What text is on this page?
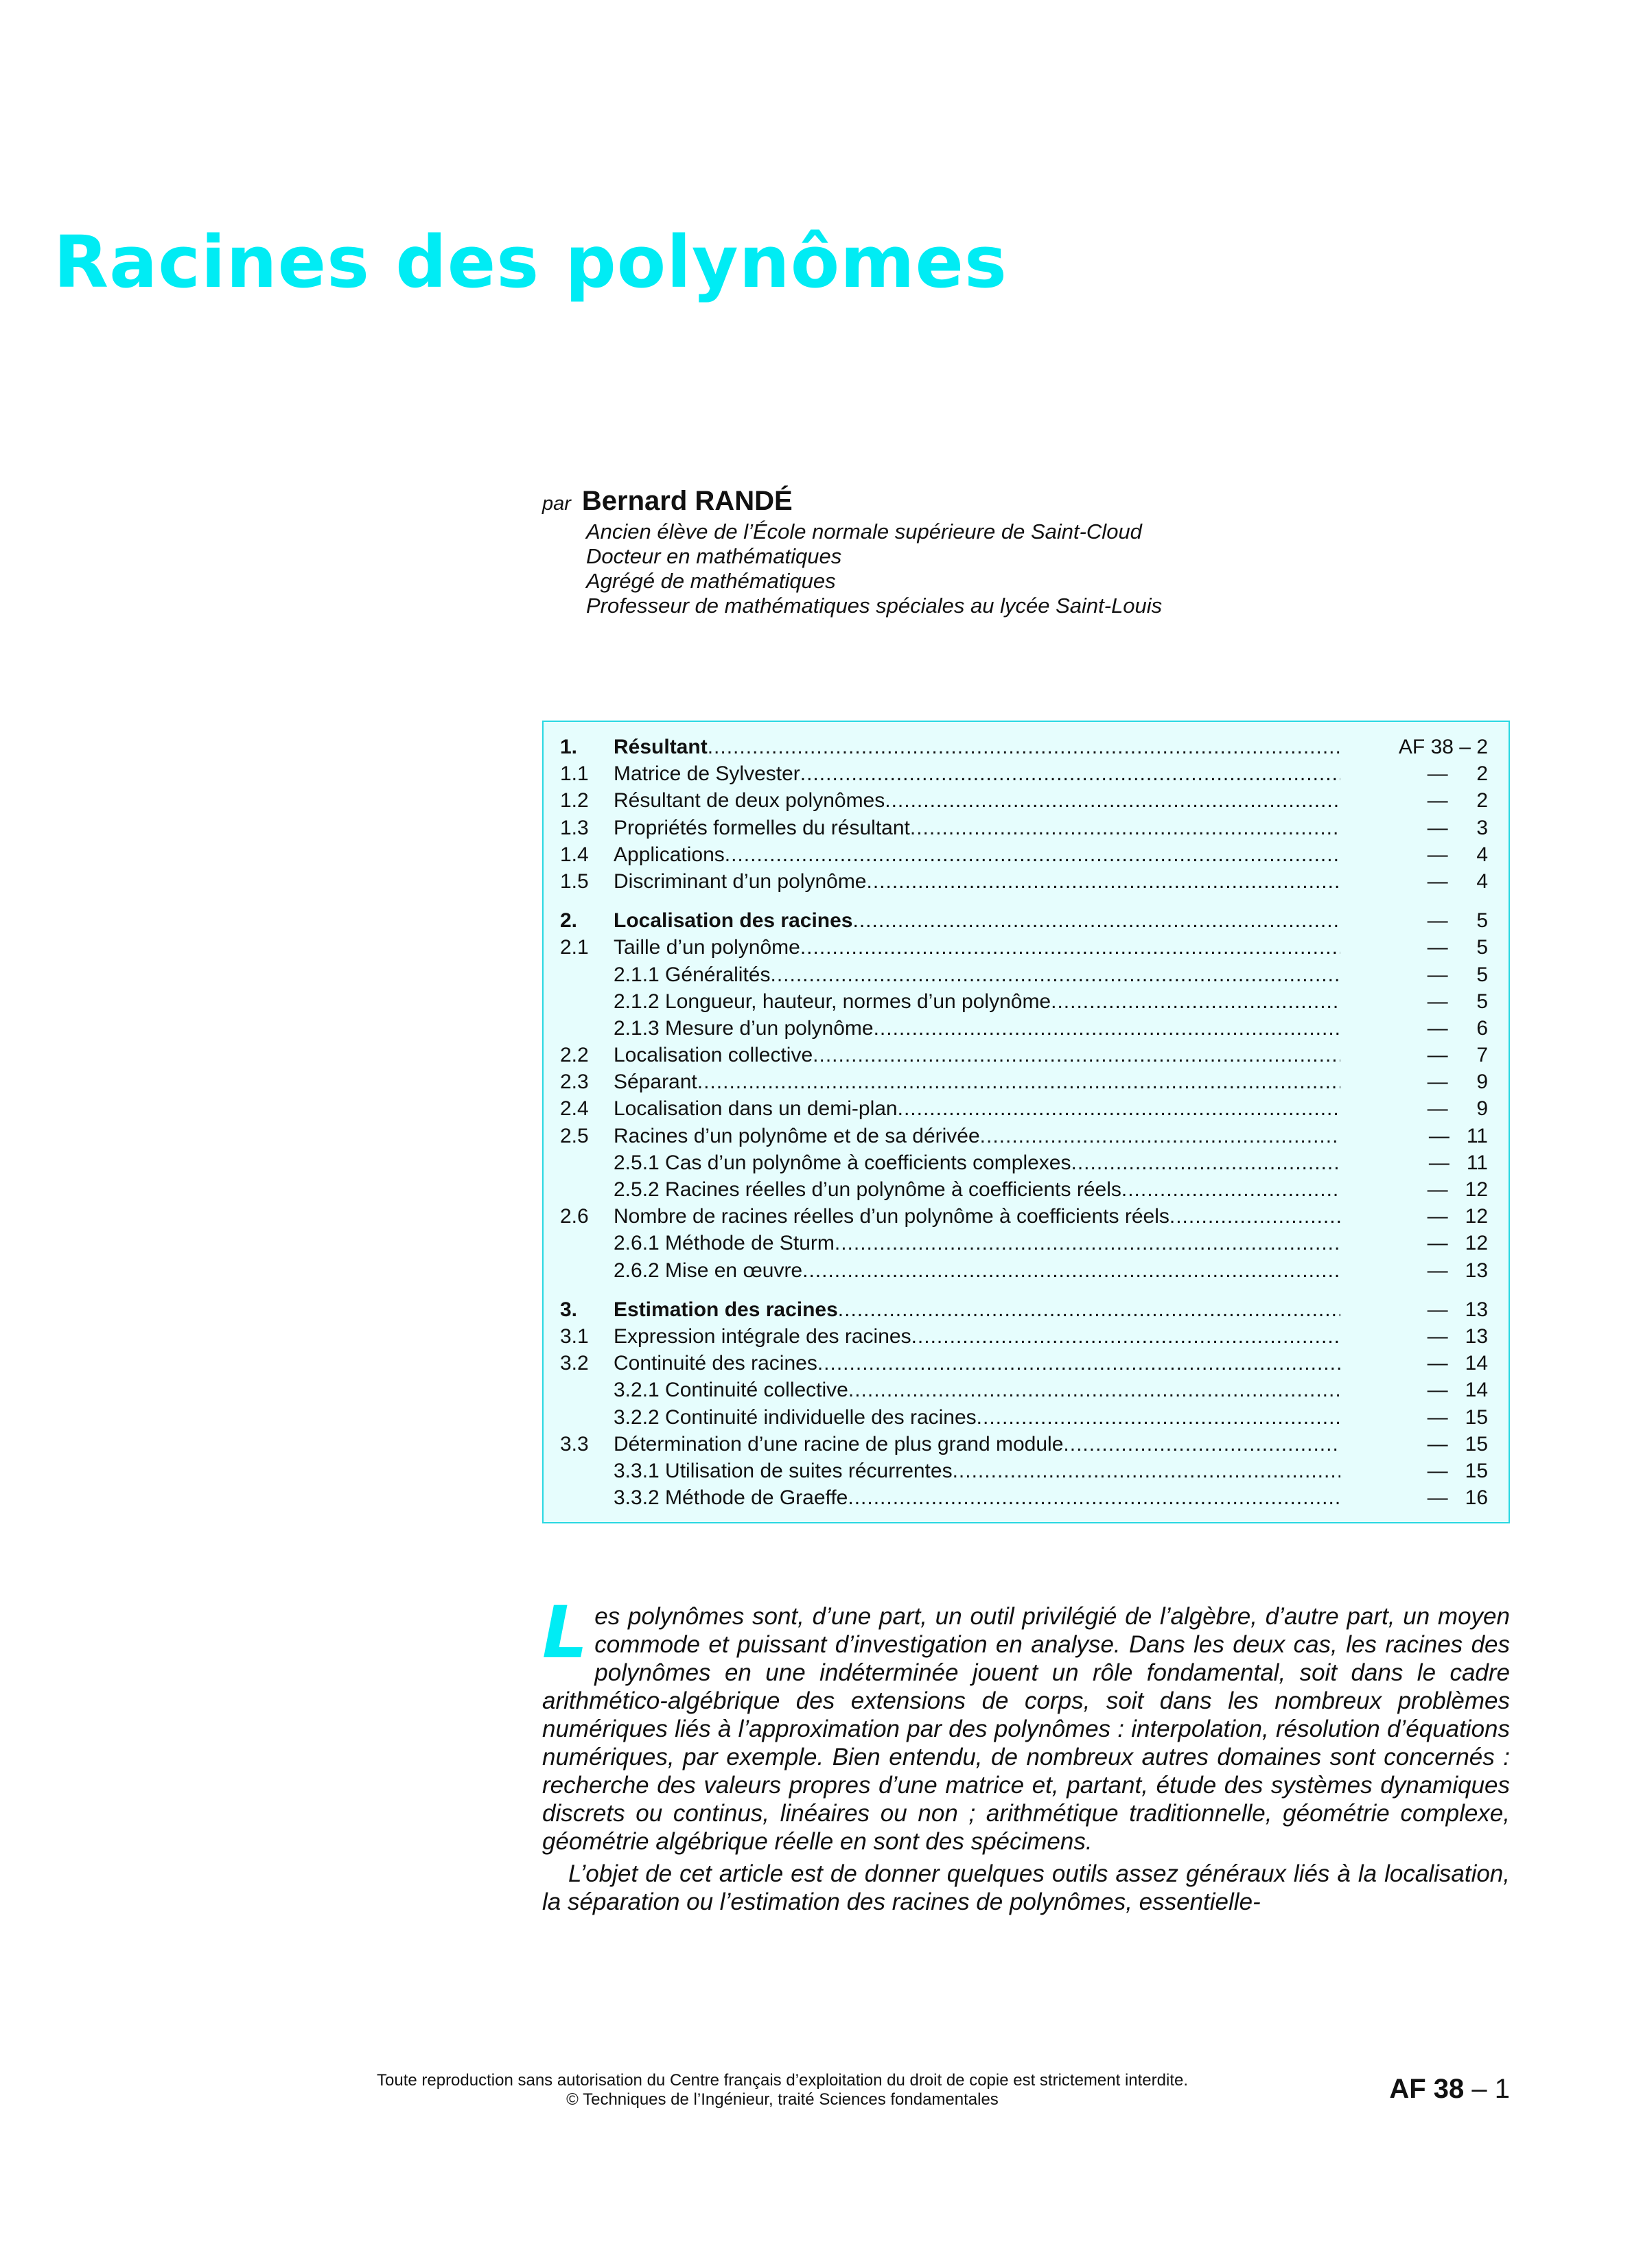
Racines des polynômes
par Bernard RANDÉ
Ancien élève de l’École normale supérieure de Saint-Cloud
Docteur en mathématiques
Agrégé de mathématiques
Professeur de mathématiques spéciales au lycée Saint-Louis
1.	Résultant .....	AF 38 – 2
1.1	Matrice de Sylvester .....	—     2
1.2	Résultant de deux polynômes .....	—     2
1.3	Propriétés formelles du résultant .....	—     3
1.4	Applications .....	—     4
1.5	Discriminant d’un polynôme .....	—     4
2.	Localisation des racines .....	—     5
2.1	Taille d’un polynôme .....	—     5
2.1.1 Généralités .....	—     5
2.1.2 Longueur, hauteur, normes d’un polynôme .....	—     5
2.1.3 Mesure d’un polynôme .....	—     6
2.2	Localisation collective .....	—     7
2.3	Séparant .....	—     9
2.4	Localisation dans un demi-plan .....	—     9
2.5	Racines d’un polynôme et de sa dérivée .....	—   11
2.5.1 Cas d’un polynôme à coefficients complexes .....	—   11
2.5.2 Racines réelles d’un polynôme à coefficients réels .....	—   12
2.6	Nombre de racines réelles d’un polynôme à coefficients réels .....	—   12
2.6.1 Méthode de Sturm .....	—   12
2.6.2 Mise en œuvre .....	—   13
3.	Estimation des racines .....	—   13
3.1	Expression intégrale des racines .....	—   13
3.2	Continuité des racines .....	—   14
3.2.1 Continuité collective .....	—   14
3.2.2 Continuité individuelle des racines .....	—   15
3.3	Détermination d’une racine de plus grand module .....	—   15
3.3.1 Utilisation de suites récurrentes .....	—   15
3.3.2 Méthode de Graeffe .....	—   16

Les polynômes sont, d’une part, un outil privilégié de l’algèbre, d’autre part, un moyen commode et puissant d’investigation en analyse. Dans les deux cas, les racines des polynômes en une indéterminée jouent un rôle fondamental, soit dans le cadre arithmético-algébrique des extensions de corps, soit dans les nombreux problèmes numériques liés à l’approximation par des polynômes : interpolation, résolution d’équations numériques, par exemple. Bien entendu, de nombreux autres domaines sont concernés : recherche des valeurs propres d’une matrice et, partant, étude des systèmes dynamiques discrets ou continus, linéaires ou non ; arithmétique traditionnelle, géométrie complexe, géométrie algébrique réelle en sont des spécimens.

L’objet de cet article est de donner quelques outils assez généraux liés à la localisation, la séparation ou l’estimation des racines de polynômes, essentielle-

Toute reproduction sans autorisation du Centre français d’exploitation du droit de copie est strictement interdite.
© Techniques de l’Ingénieur, traité Sciences fondamentales	AF 38 – 1
